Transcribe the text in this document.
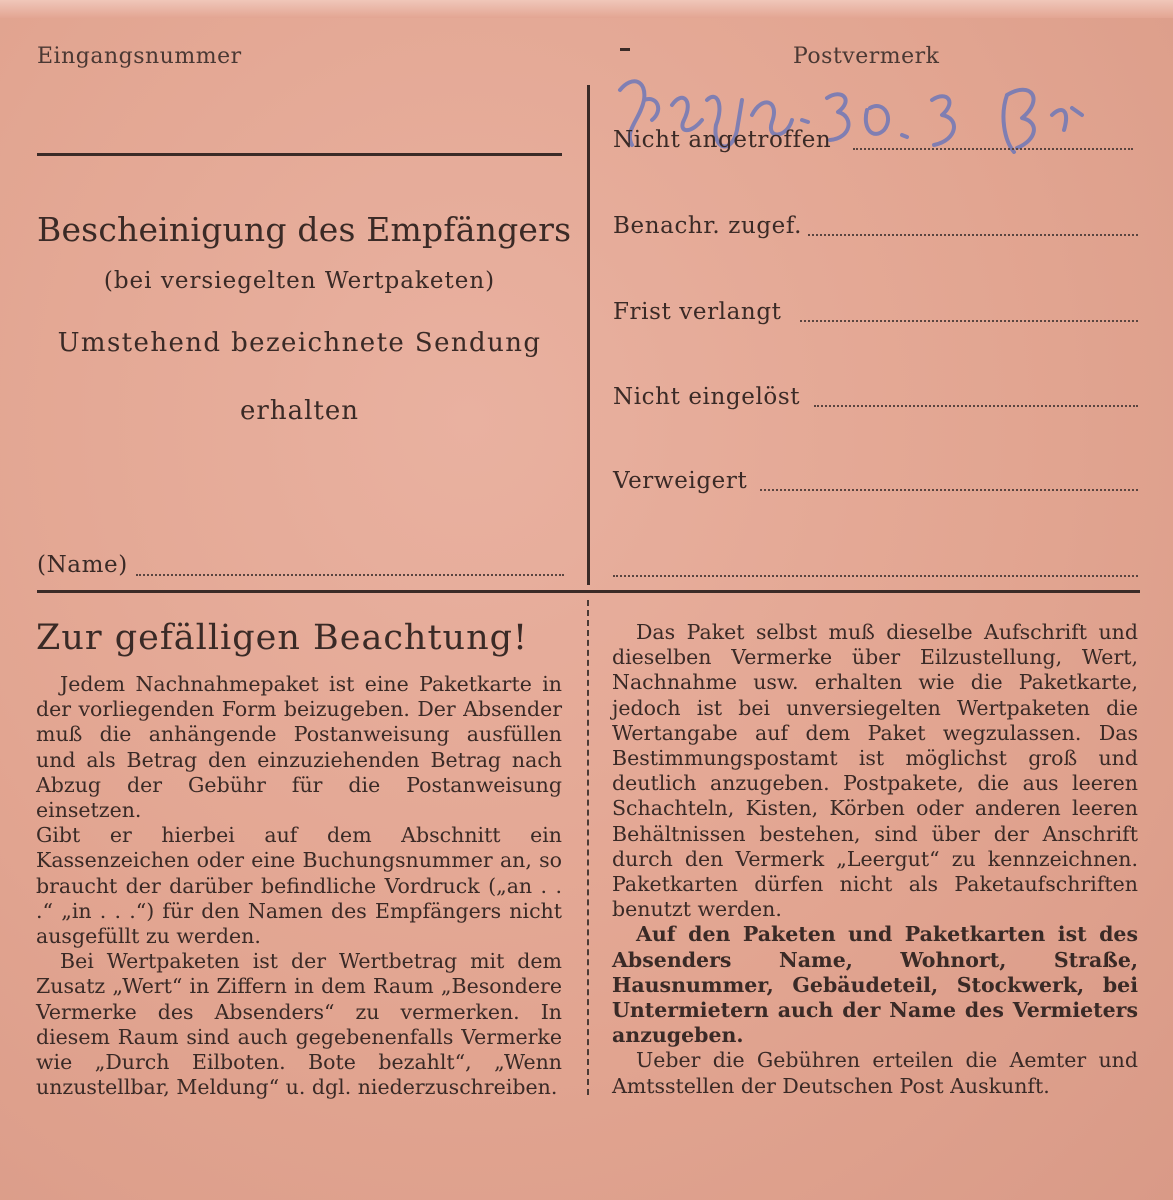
Eingangsnummer	Postvermerk
Bescheinigung des Empfängers
(bei versiegelten Wertpaketen)
Umstehend bezeichnete Sendung
erhalten
(Name)
Nicht angetroffen
Benachr. zugef.
Frist verlangt
Nicht eingelöst
Verweigert
Zur gefälligen Beachtung!

Jedem Nachnahmepaket ist eine Paketkarte in der vorliegenden Form beizugeben. Der Absender muß die anhängende Postanweisung ausfüllen und als Betrag den einzuziehenden Betrag nach Abzug der Gebühr für die Postanweisung einsetzen.

Gibt er hierbei auf dem Abschnitt ein Kassenzeichen oder eine Buchungsnummer an, so braucht der darüber befindliche Vordruck („an . . .“ „in . . .“) für den Namen des Empfängers nicht ausgefüllt zu werden.

Bei Wertpaketen ist der Wertbetrag mit dem Zusatz „Wert“ in Ziffern in dem Raum „Besondere Vermerke des Absenders“ zu vermerken. In diesem Raum sind auch gegebenenfalls Vermerke wie „Durch Eilboten. Bote bezahlt“, „Wenn unzustellbar, Meldung“ u. dgl. niederzuschreiben.

Das Paket selbst muß dieselbe Aufschrift und dieselben Vermerke über Eilzustellung, Wert, Nachnahme usw. erhalten wie die Paketkarte, jedoch ist bei unversiegelten Wertpaketen die Wertangabe auf dem Paket wegzulassen. Das Bestimmungspostamt ist möglichst groß und deutlich anzugeben. Postpakete, die aus leeren Schachteln, Kisten, Körben oder anderen leeren Behältnissen bestehen, sind über der Anschrift durch den Vermerk „Leergut“ zu kennzeichnen. Paketkarten dürfen nicht als Paketaufschriften benutzt werden.

Auf den Paketen und Paketkarten ist des Absenders Name, Wohnort, Straße, Hausnummer, Gebäudeteil, Stockwerk, bei Untermietern auch der Name des Vermieters anzugeben.

Ueber die Gebühren erteilen die Aemter und Amtsstellen der Deutschen Post Auskunft.
